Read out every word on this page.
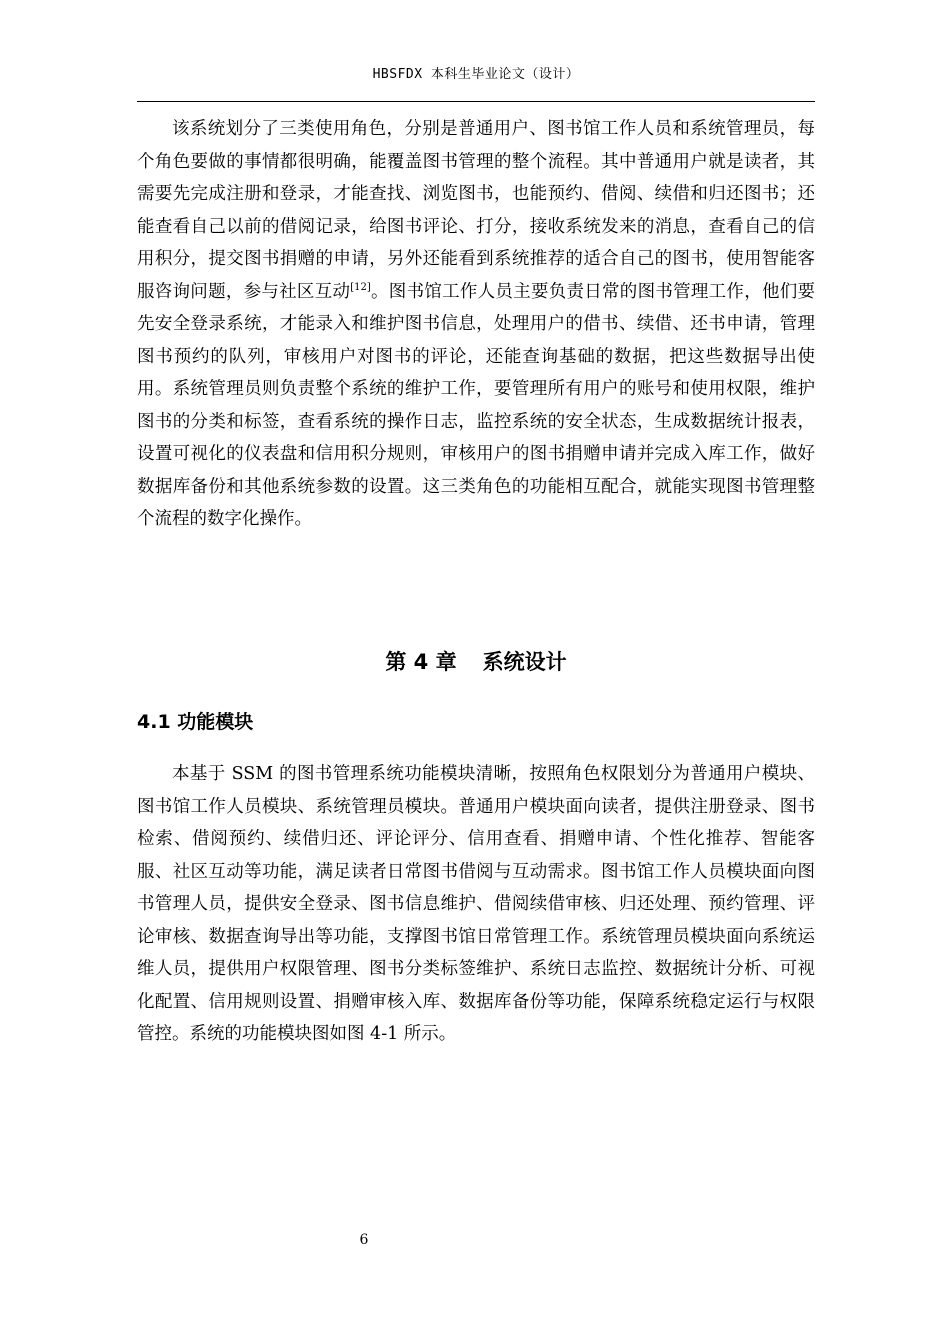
HBSFDX 本科生毕业论文（设计）

该系统划分了三类使用角色，分别是普通用户、图书馆工作人员和系统管理员，每个角色要做的事情都很明确，能覆盖图书管理的整个流程。其中普通用户就是读者，其需要先完成注册和登录，才能查找、浏览图书，也能预约、借阅、续借和归还图书；还能查看自己以前的借阅记录，给图书评论、打分，接收系统发来的消息，查看自己的信用积分，提交图书捐赠的申请，另外还能看到系统推荐的适合自己的图书，使用智能客服咨询问题，参与社区互动[12]。图书馆工作人员主要负责日常的图书管理工作，他们要先安全登录系统，才能录入和维护图书信息，处理用户的借书、续借、还书申请，管理图书预约的队列，审核用户对图书的评论，还能查询基础的数据，把这些数据导出使用。系统管理员则负责整个系统的维护工作，要管理所有用户的账号和使用权限，维护图书的分类和标签，查看系统的操作日志，监控系统的安全状态，生成数据统计报表，设置可视化的仪表盘和信用积分规则，审核用户的图书捐赠申请并完成入库工作，做好数据库备份和其他系统参数的设置。这三类角色的功能相互配合，就能实现图书管理整个流程的数字化操作。

第 4 章 系统设计
4.1 功能模块

本基于 SSM 的图书管理系统功能模块清晰，按照角色权限划分为普通用户模块、图书馆工作人员模块、系统管理员模块。普通用户模块面向读者，提供注册登录、图书检索、借阅预约、续借归还、评论评分、信用查看、捐赠申请、个性化推荐、智能客服、社区互动等功能，满足读者日常图书借阅与互动需求。图书馆工作人员模块面向图书管理人员，提供安全登录、图书信息维护、借阅续借审核、归还处理、预约管理、评论审核、数据查询导出等功能，支撑图书馆日常管理工作。系统管理员模块面向系统运维人员，提供用户权限管理、图书分类标签维护、系统日志监控、数据统计分析、可视化配置、信用规则设置、捐赠审核入库、数据库备份等功能，保障系统稳定运行与权限管控。系统的功能模块图如图 4-1 所示。

6
